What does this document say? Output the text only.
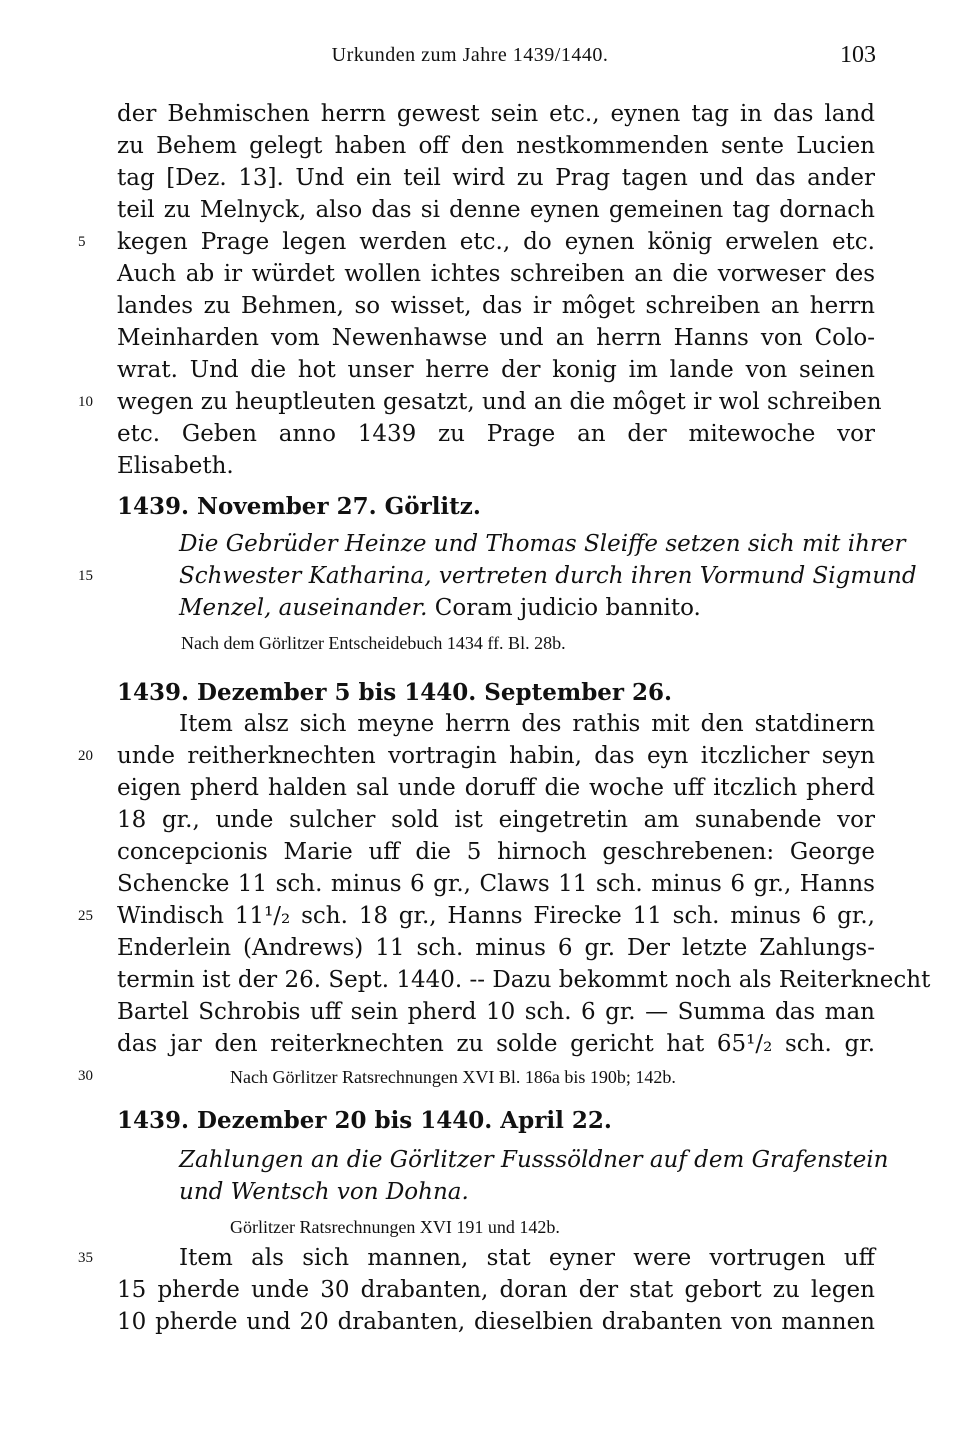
Urkunden zum Jahre 1439/1440.	103
der Behmischen herrn gewest sein etc., eynen tag in das land
zu Behem gelegt haben off den nestkommenden sente Lucien
tag [Dez. 13]. Und ein teil wird zu Prag tagen und das ander
teil zu Melnyck, also das si denne eynen gemeinen tag dornach
kegen Prage legen werden etc., do eynen könig erwelen etc.
Auch ab ir würdet wollen ichtes schreiben an die vorweser des
landes zu Behmen, so wisset, das ir môget schreiben an herrn
Meinharden vom Newenhawse und an herrn Hanns von Colo-
wrat. Und die hot unser herre der konig im lande von seinen
wegen zu heuptleuten gesatzt, und an die môget ir wol schreiben
etc. Geben anno 1439 zu Prage an der mitewoche vor
Elisabeth.
1439. November 27. Görlitz.
Die Gebrüder Heinze und Thomas Sleiffe setzen sich mit ihrer
Schwester Katharina, vertreten durch ihren Vormund Sigmund
Menzel, auseinander. Coram judicio bannito.
Nach dem Görlitzer Entscheidebuch 1434 ff. Bl. 28b.
1439. Dezember 5 bis 1440. September 26.
Item alsz sich meyne herrn des rathis mit den statdinern
unde reitherknechten vortragin habin, das eyn itczlicher seyn
eigen pherd halden sal unde doruff die woche uff itczlich pherd
18 gr., unde sulcher sold ist eingetretin am sunabende vor
concepcionis Marie uff die 5 hirnoch geschrebenen: George
Schencke 11 sch. minus 6 gr., Claws 11 sch. minus 6 gr., Hanns
Windisch 11¹/₂ sch. 18 gr., Hanns Firecke 11 sch. minus 6 gr.,
Enderlein (Andrews) 11 sch. minus 6 gr. Der letzte Zahlungs-
termin ist der 26. Sept. 1440. -- Dazu bekommt noch als Reiterknecht
Bartel Schrobis uff sein pherd 10 sch. 6 gr. — Summa das man
das jar den reiterknechten zu solde gericht hat 65¹/₂ sch. gr.
Nach Görlitzer Ratsrechnungen XVI Bl. 186a bis 190b; 142b.
1439. Dezember 20 bis 1440. April 22.
Zahlungen an die Görlitzer Fusssöldner auf dem Grafenstein
und Wentsch von Dohna.
Görlitzer Ratsrechnungen XVI 191 und 142b.
Item als sich mannen, stat eyner were vortrugen uff
15 pherde unde 30 drabanten, doran der stat gebort zu legen
10 pherde und 20 drabanten, dieselbien drabanten von mannen
5
10
15
20
25
30
35
